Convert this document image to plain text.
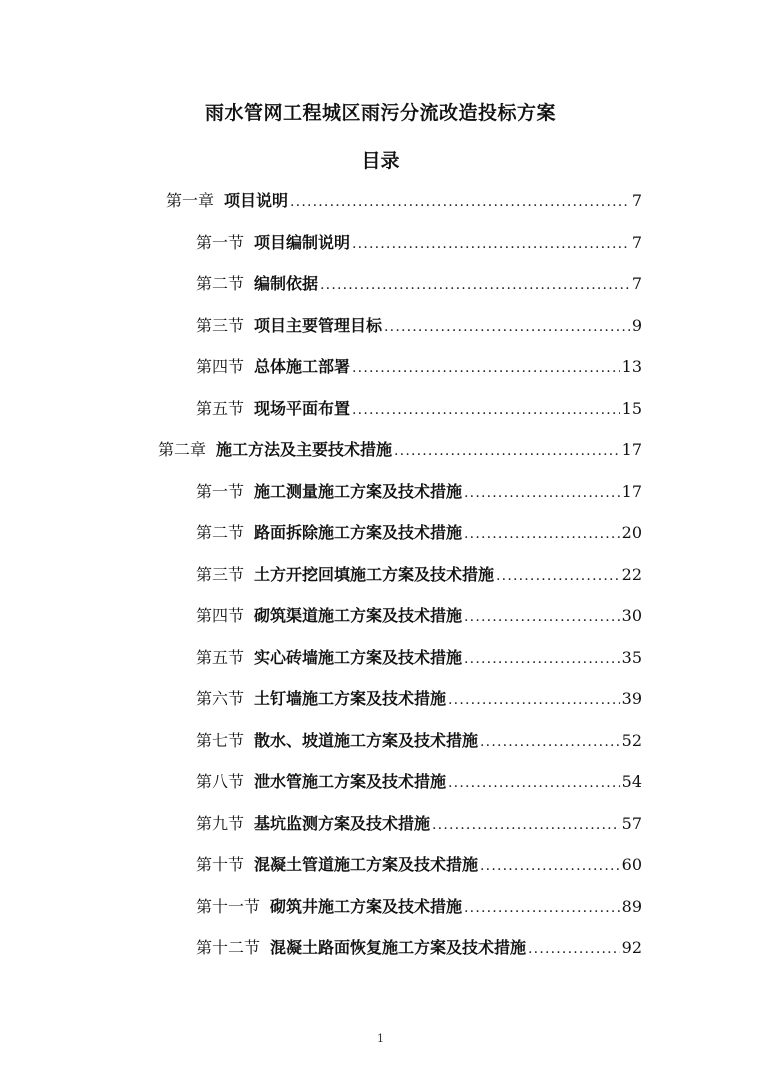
雨水管网工程城区雨污分流改造投标方案
目录
第一章 项目说明 .....	7
第一节 项目编制说明 .....	7
第二节 编制依据 .....	7
第三节 项目主要管理目标 .....	9
第四节 总体施工部署 .....	13
第五节 现场平面布置 .....	15
第二章 施工方法及主要技术措施 .....	17
第一节 施工测量施工方案及技术措施 .....	17
第二节 路面拆除施工方案及技术措施 .....	20
第三节 土方开挖回填施工方案及技术措施 .....	22
第四节 砌筑渠道施工方案及技术措施 .....	30
第五节 实心砖墙施工方案及技术措施 .....	35
第六节 土钉墙施工方案及技术措施 .....	39
第七节 散水、坡道施工方案及技术措施 .....	52
第八节 泄水管施工方案及技术措施 .....	54
第九节 基坑监测方案及技术措施 .....	57
第十节 混凝土管道施工方案及技术措施 .....	60
第十一节 砌筑井施工方案及技术措施 .....	89
第十二节 混凝土路面恢复施工方案及技术措施 .....	92
1
